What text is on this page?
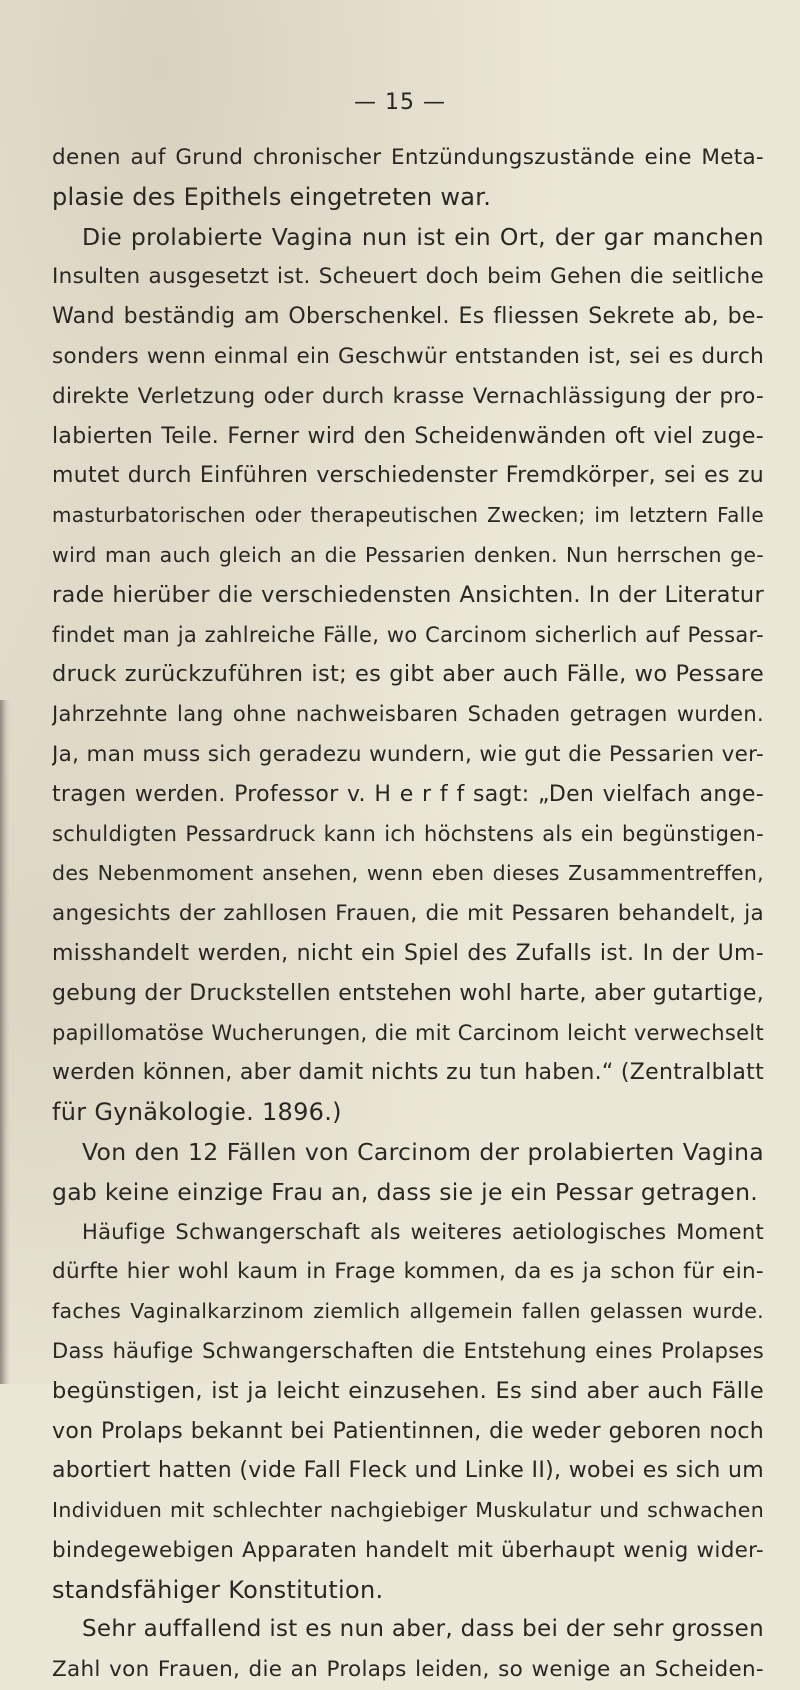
— 15 —
denen auf Grund chronischer Entzündungszustände eine Meta-
plasie des Epithels eingetreten war.
Die prolabierte Vagina nun ist ein Ort, der gar manchen
Insulten ausgesetzt ist. Scheuert doch beim Gehen die seitliche
Wand beständig am Oberschenkel. Es fliessen Sekrete ab, be-
sonders wenn einmal ein Geschwür entstanden ist, sei es durch
direkte Verletzung oder durch krasse Vernachlässigung der pro-
labierten Teile. Ferner wird den Scheidenwänden oft viel zuge-
mutet durch Einführen verschiedenster Fremdkörper, sei es zu
masturbatorischen oder therapeutischen Zwecken; im letztern Falle
wird man auch gleich an die Pessarien denken. Nun herrschen ge-
rade hierüber die verschiedensten Ansichten. In der Literatur
findet man ja zahlreiche Fälle, wo Carcinom sicherlich auf Pessar-
druck zurückzuführen ist; es gibt aber auch Fälle, wo Pessare
Jahrzehnte lang ohne nachweisbaren Schaden getragen wurden.
Ja, man muss sich geradezu wundern, wie gut die Pessarien ver-
tragen werden. Professor v. H e r f f sagt: „Den vielfach ange-
schuldigten Pessardruck kann ich höchstens als ein begünstigen-
des Nebenmoment ansehen, wenn eben dieses Zusammentreffen,
angesichts der zahllosen Frauen, die mit Pessaren behandelt, ja
misshandelt werden, nicht ein Spiel des Zufalls ist. In der Um-
gebung der Druckstellen entstehen wohl harte, aber gutartige,
papillomatöse Wucherungen, die mit Carcinom leicht verwechselt
werden können, aber damit nichts zu tun haben.“ (Zentralblatt
für Gynäkologie. 1896.)
Von den 12 Fällen von Carcinom der prolabierten Vagina
gab keine einzige Frau an, dass sie je ein Pessar getragen.
Häufige Schwangerschaft als weiteres aetiologisches Moment
dürfte hier wohl kaum in Frage kommen, da es ja schon für ein-
faches Vaginalkarzinom ziemlich allgemein fallen gelassen wurde.
Dass häufige Schwangerschaften die Entstehung eines Prolapses
begünstigen, ist ja leicht einzusehen. Es sind aber auch Fälle
von Prolaps bekannt bei Patientinnen, die weder geboren noch
abortiert hatten (vide Fall Fleck und Linke II), wobei es sich um
Individuen mit schlechter nachgiebiger Muskulatur und schwachen
bindegewebigen Apparaten handelt mit überhaupt wenig wider-
standsfähiger Konstitution.
Sehr auffallend ist es nun aber, dass bei der sehr grossen
Zahl von Frauen, die an Prolaps leiden, so wenige an Scheiden-
